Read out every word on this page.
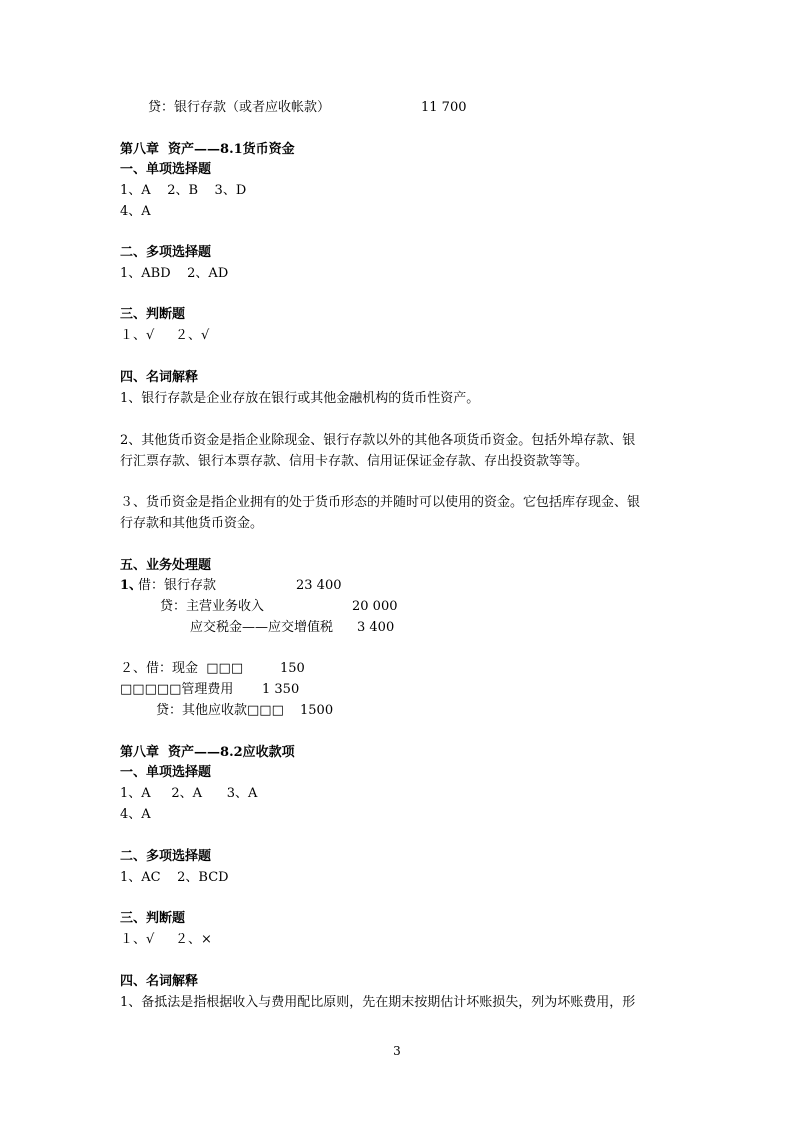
贷：银行存款（或者应收帐款）	11 700
第八章  资产——8.1货币资金
一、单项选择题
1、A    2、B    3、D
4、A
二、多项选择题
1、ABD    2、AD
三、判断题
１、√     ２、√
四、名词解释
1、银行存款是企业存放在银行或其他金融机构的货币性资产。
2、其他货币资金是指企业除现金、银行存款以外的其他各项货币资金。包括外埠存款、银
行汇票存款、银行本票存款、信用卡存款、信用证保证金存款、存出投资款等等。
３、货币资金是指企业拥有的处于货币形态的并随时可以使用的资金。它包括库存现金、银
行存款和其他货币资金。
五、业务处理题
1、
借：银行存款	23 400
贷：主营业务收入	20 000
应交税金——应交增值税 3 400
２、借：现金  □□□	150
□□□□□管理费用 1 350
贷：其他应收款□□□ 1500
第八章  资产——8.2应收款项
一、单项选择题
1、A     2、A      3、A
4、A
二、多项选择题
1、AC    2、BCD
三、判断题
１、√     ２、×
四、名词解释
1、备抵法是指根据收入与费用配比原则，先在期末按期估计坏账损失，列为坏账费用，形
3
